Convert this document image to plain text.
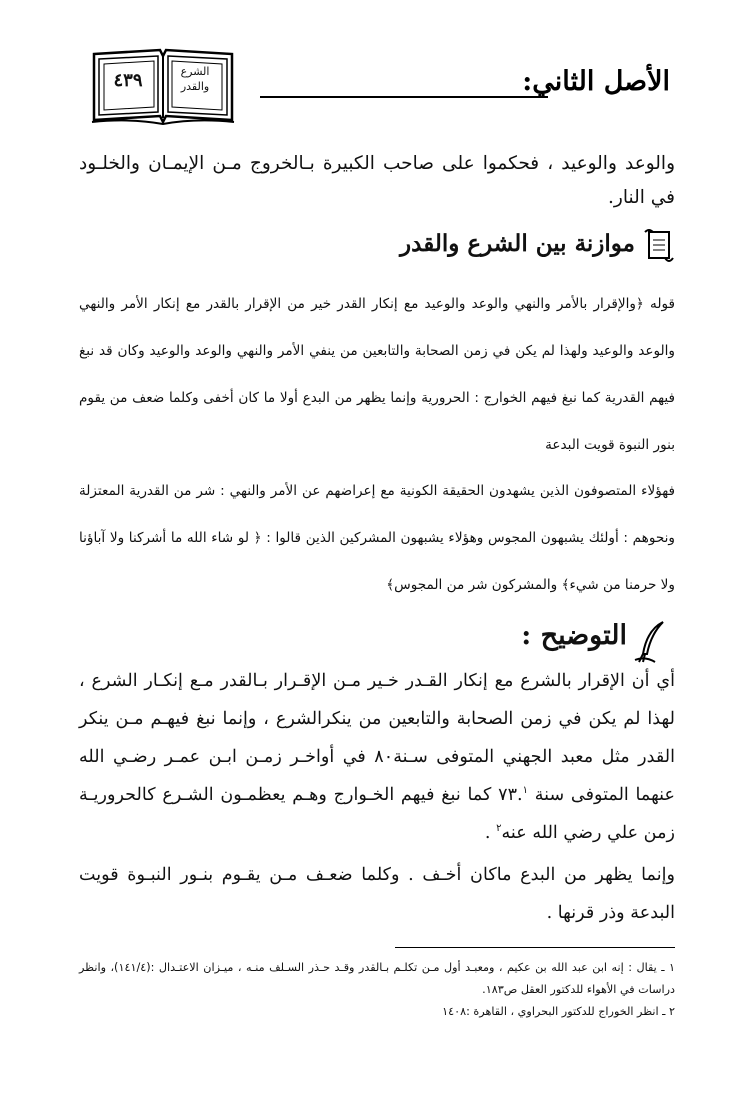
الأصل الثاني:
٤٣٩	الشرع
والقدر
والوعد والوعيد ، فحكموا على صاحب الكبيرة بـالخروج مـن الإيمـان والخلـود في النار.
موازنة بين الشرع والقدر
قوله ﴿والإقرار بالأمر والنهي والوعد والوعيد مع إنكار القدر خير من الإقرار بالقدر مع إنكار الأمر والنهي والوعد والوعيد ولهذا لم يكن في زمن الصحابة والتابعين من ينفي الأمر والنهي والوعد والوعيد وكان قد نبغ فيهم القدرية كما نبغ فيهم الخوارج : الحرورية وإنما يظهر من البدع أولا ما كان أخفى وكلما ضعف من يقوم بنور النبوة قويت البدعة
فهؤلاء المتصوفون الذين يشهدون الحقيقة الكونية مع إعراضهم عن الأمر والنهي : شر من القدرية المعتزلة ونحوهم : أولئك يشبهون المجوس وهؤلاء يشبهون المشركين الذين قالوا : ﴿ لو شاء الله ما أشركنا ولا آباؤنا ولا حرمنا من شيء﴾ والمشركون شر من المجوس﴾
التوضيح :
أي أن الإقرار بالشرع مع إنكار القـدر خـير مـن الإقـرار بـالقدر مـع إنكـار الشرع ، لهذا لم يكن في زمن الصحابة والتابعين من ينكرالشرع ، وإنما نبغ فيهـم مـن ينكر القدر مثل معبد الجهني المتوفى سـنة٨٠ في أواخـر زمـن ابـن عمـر رضـي الله عنهما المتوفى سنة ٧٣.$^١$ كما نبغ فيهم الخـوارج وهـم يعظمـون الشـرع كالحروريـة زمن علي رضي الله عنه$^٢$ .
وإنما يظهر من البدع ماكان أخـف . وكلما ضعـف مـن يقـوم بنـور النبـوة قويت البدعة وذر قرنها .

١ ـ يقال : إنه ابن عبد الله بن عكيم ، ومعبـد أول مـن تكلـم بـالقدر وقـد حـذر السـلف منـه ، ميـزان الاعتـدال :(١٤١/٤)، وانظر دراسات في الأهواء للدكتور العقل ص١٨٣.

٢ ـ انظر الخوراج للدكتور البحراوي ، القاهرة :١٤٠٨
